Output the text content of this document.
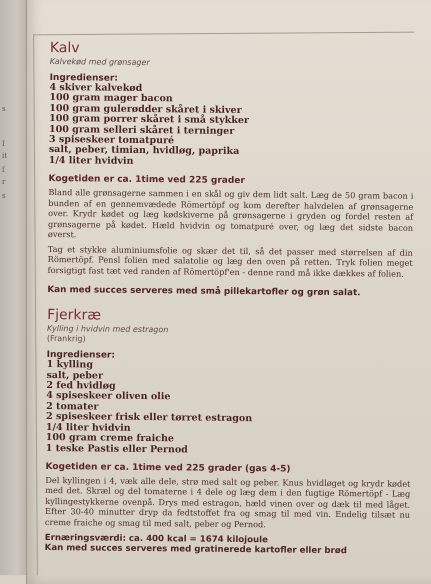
s
I
it
ſ
r
s
Kalv

Kalvekød med grønsager

Ingredienser:

4 skiver kalvekød

100 gram mager bacon

100 gram gulerødder skåret i skiver

100 gram porrer skåret i små stykker

100 gram selleri skåret i terninger

3 spiseskeer tomatpuré

salt, peber, timian, hvidløg, paprika

1/4 liter hvidvin

Kogetiden er ca. 1time ved 225 grader

Bland alle grønsagerne sammen i en skål og giv dem lidt salt. Læg de 50 gram bacon i bunden af en gennemvædede Römertöpf og kom derefter halvdelen af grønsagerne over. Krydr kødet og læg kødskiverne på grønsagerne i gryden og fordel resten af grønsagerne på kødet. Hæld hvidvin og tomatpuré over, og læg det sidste bacon øverst.

Tag et stykke aluminiumsfolie og skær det til, så det passer med størrelsen af din Römertöpf. Pensl folien med salatolie og læg den oven på retten. Tryk folien meget forsigtigt fast tæt ved randen af Römertöpf'en - denne rand må ikke dækkes af folien.

Kan med succes serveres med små pillekartofler og grøn salat.

Fjerkræ

Kylling i hvidvin med estragon

(Frankrig)

Ingredienser:

1 kylling

salt, peber

2 fed hvidløg

4 spiseskeer oliven olie

2 tomater

2 spiseskeer frisk eller tørret estragon

1/4 liter hvidvin

100 gram creme fraiche

1 teske Pastis eller Pernod

Kogetiden er ca. 1time ved 225 grader (gas 4-5)

Del kyllingen i 4, væk alle dele, strø med salt og peber. Knus hvidløget og krydr kødet med det. Skræl og del tomaterne i 4 dele og læg dem i den fugtige Römertöpf - Læg kyllingestykkerne ovenpå. Drys med estragon, hæld vinen over og dæk til med låget. Efter 30-40 minutter dryp da fedtstoffet fra og smag til med vin. Endelig tilsæt nu creme fraiche og smag til med salt, peber og Pernod.

Ernæringsværdi: ca. 400 kcal = 1674 kilojoule

Kan med succes serveres med gratinerede kartofler eller brød
